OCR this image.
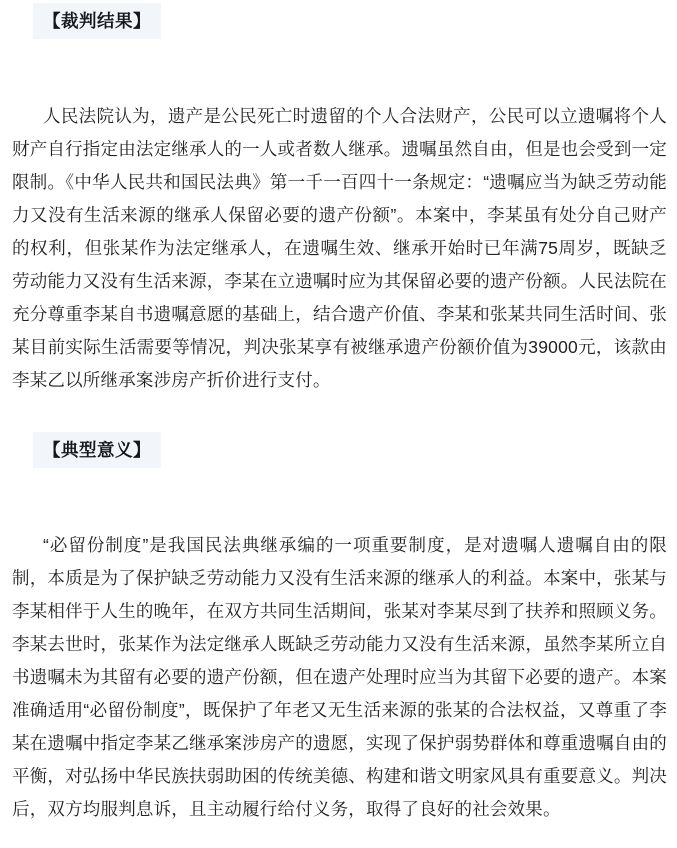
【裁判结果】

人民法院认为，遗产是公民死亡时遗留的个人合法财产，公民可以立遗嘱将个人财产自行指定由法定继承人的一人或者数人继承。遗嘱虽然自由，但是也会受到一定限制。《中华人民共和国民法典》第一千一百四十一条规定：“遗嘱应当为缺乏劳动能力又没有生活来源的继承人保留必要的遗产份额”。本案中，李某虽有处分自己财产的权利，但张某作为法定继承人，在遗嘱生效、继承开始时已年满75周岁，既缺乏劳动能力又没有生活来源，李某在立遗嘱时应为其保留必要的遗产份额。人民法院在充分尊重李某自书遗嘱意愿的基础上，结合遗产价值、李某和张某共同生活时间、张某目前实际生活需要等情况，判决张某享有被继承遗产份额价值为39000元，该款由李某乙以所继承案涉房产折价进行支付。

【典型意义】

“必留份制度”是我国民法典继承编的一项重要制度，是对遗嘱人遗嘱自由的限制，本质是为了保护缺乏劳动能力又没有生活来源的继承人的利益。本案中，张某与李某相伴于人生的晚年，在双方共同生活期间，张某对李某尽到了扶养和照顾义务。李某去世时，张某作为法定继承人既缺乏劳动能力又没有生活来源，虽然李某所立自书遗嘱未为其留有必要的遗产份额，但在遗产处理时应当为其留下必要的遗产。本案准确适用“必留份制度”，既保护了年老又无生活来源的张某的合法权益，又尊重了李某在遗嘱中指定李某乙继承案涉房产的遗愿，实现了保护弱势群体和尊重遗嘱自由的平衡，对弘扬中华民族扶弱助困的传统美德、构建和谐文明家风具有重要意义。判决后，双方均服判息诉，且主动履行给付义务，取得了良好的社会效果。
